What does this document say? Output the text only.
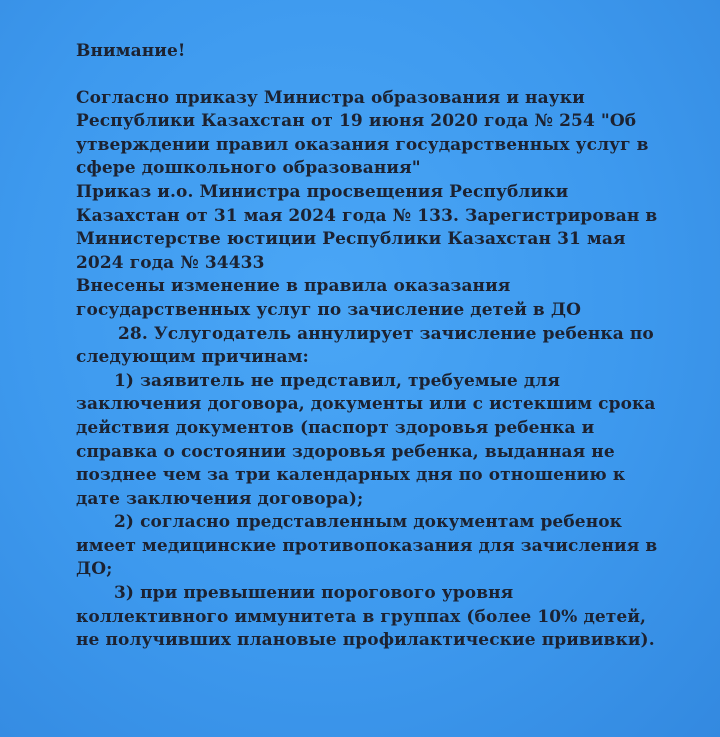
Внимание!
Согласно приказу Министра образования и науки
Республики Казахстан от 19 июня 2020 года № 254 "Об
утверждении правил оказания государственных услуг в
сфере дошкольного образования"
Приказ и.о. Министра просвещения Республики
Казахстан от 31 мая 2024 года № 133. Зарегистрирован в
Министерстве юстиции Республики Казахстан 31 мая
2024 года № 34433
Внесены изменение в правила оказазания
государственных услуг по зачисление детей в ДО
28. Услугодатель аннулирует зачисление ребенка по
следующим причинам:
1) заявитель не представил, требуемые для
заключения договора, документы или с истекшим срока
действия документов (паспорт здоровья ребенка и
справка о состоянии здоровья ребенка, выданная не
позднее чем за три календарных дня по отношению к
дате заключения договора);
2) согласно представленным документам ребенок
имеет медицинские противопоказания для зачисления в
ДО;
3) при превышении порогового уровня
коллективного иммунитета в группах (более 10% детей,
не получивших плановые профилактические прививки).
